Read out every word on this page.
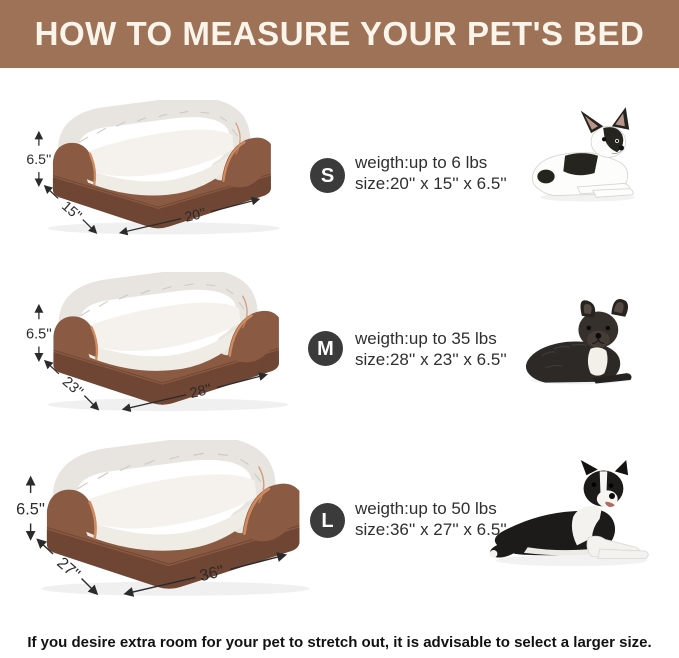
HOW TO MEASURE YOUR PET'S BED
6.5''
15''	20''
S
weigth:up to 6 lbs
size:20'' x 15'' x 6.5''
6.5''
23''	28''
M weigth:up to 35 lbs
size:28'' x 23'' x 6.5''
6.5''
27''	36''
L
weigth:up to 50 lbs
size:36'' x 27'' x 6.5''
If you desire extra room for your pet to stretch out, it is advisable to select a larger size.
